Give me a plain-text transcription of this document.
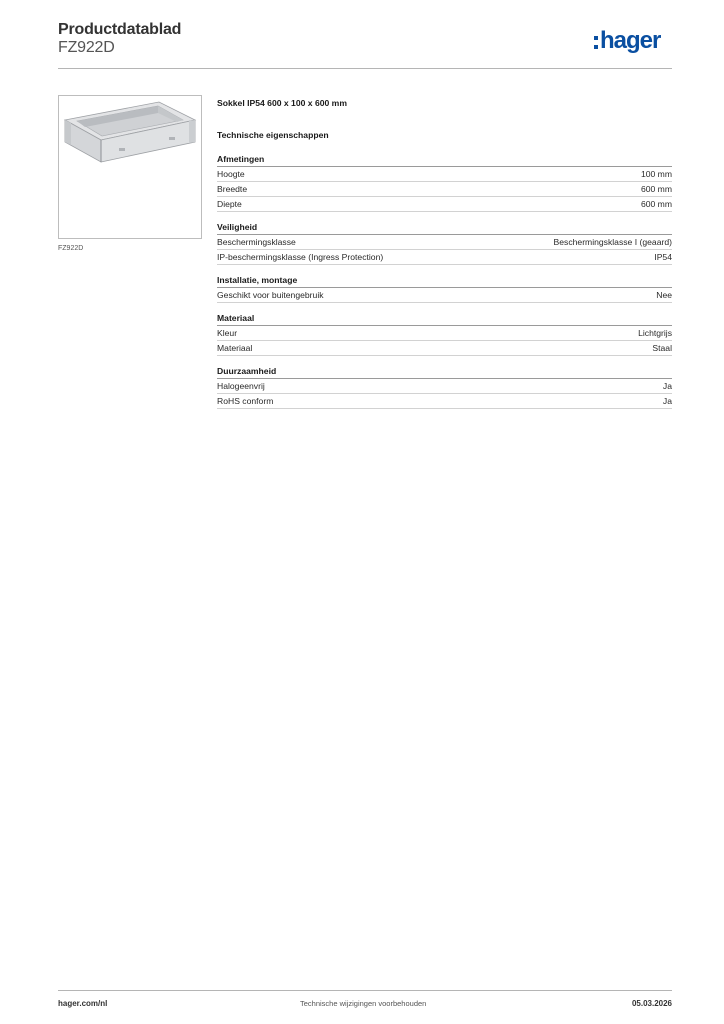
Productdatablad
FZ922D	hager
FZ922D
Sokkel IP54 600 x 100 x 600 mm
Technische eigenschappen
Afmetingen
Hoogte	100 mm
Breedte	600 mm
Diepte	600 mm
Veiligheid
Beschermingsklasse	Beschermingsklasse I (geaard)
IP-beschermingsklasse (Ingress Protection)	IP54
Installatie, montage
Geschikt voor buitengebruik	Nee
Materiaal
Kleur	Lichtgrijs
Materiaal	Staal
Duurzaamheid
Halogeenvrij	Ja
RoHS conform	Ja
hager.com/nl	Technische wijzigingen voorbehouden	05.03.2026
